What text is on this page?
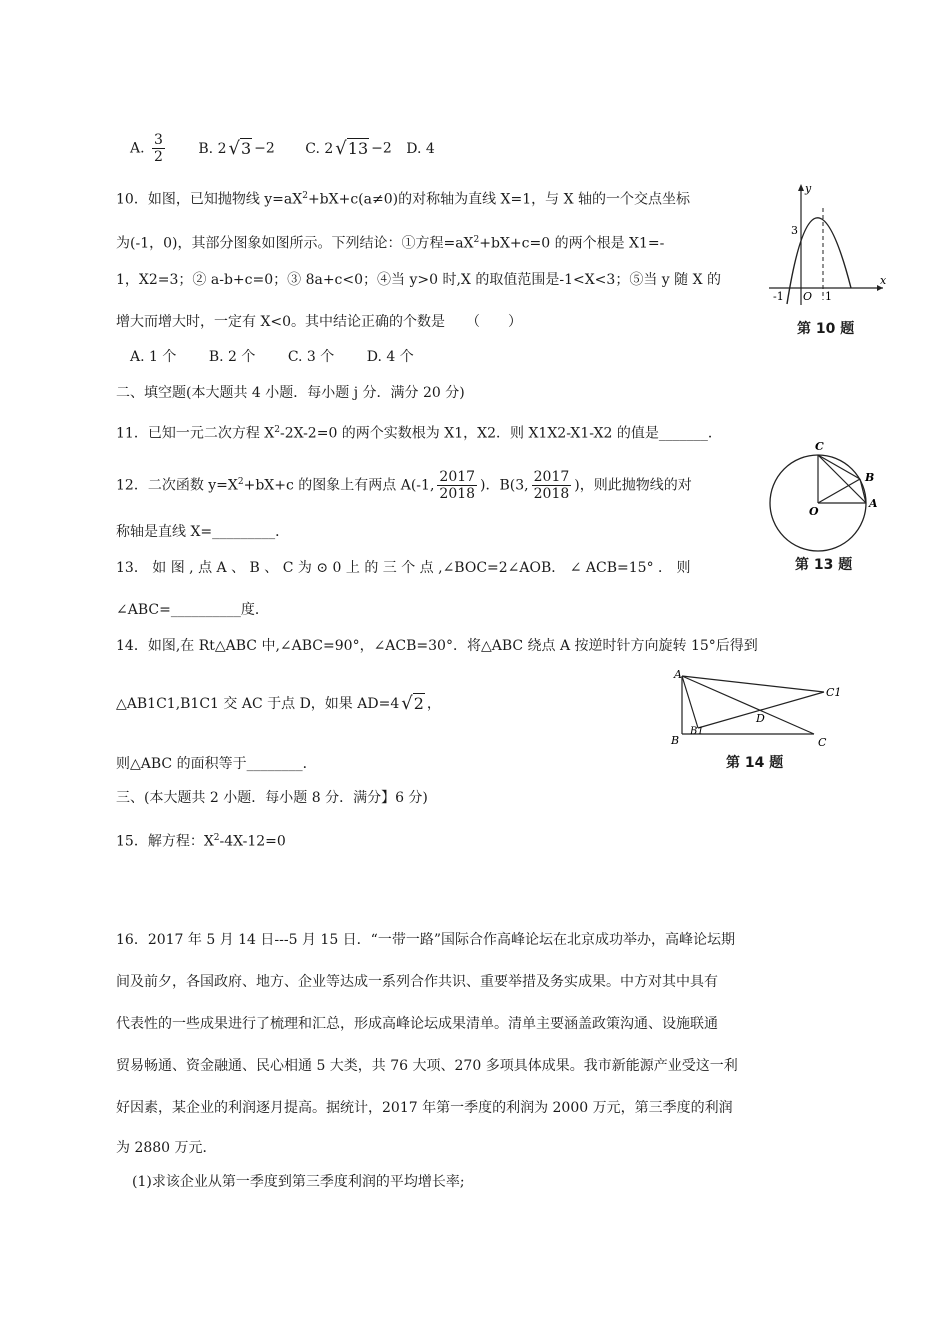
A. $\frac{3}{2} B$. 2 √3 −2 C. 2 √13 −2 D. 4
10．如图，已知抛物线 $y=aX^2+bX+c(a\ne 0)$的对称轴为直线 X=1，与 X 轴的一个交点坐标
为(-1，0)，其部分图象如图所示。下列结论：①方程$=aX^2+bX+c=0$ 的两个根是 X1=-
1，X2=3；② a-b+c=0；③ 8a+c<0；④当 y>0 时,X 的取值范围是-1<X<3；⑤当 y 随 X 的
增大而增大时，一定有 X<0。其中结论正确的个数是　　（　　）
A. 1 个　　 B. 2 个　　 C. 3 个　　 D. 4 个
y
x
3
-1 O 1
第 10 题
二、填空题(本大题共 4 小题．每小题 j 分．满分 20 分)
11．已知一元二次方程 $X^2-2X-2=0$ 的两个实数根为 X1，X2．则 X1X2-X1-X2 的值是_______．
12．二次函数 $y=X^2+bX+c$ 的图象上有两点 A(-1, $\frac{2017}{2018}$ )．B(3, $\frac{2017}{2018}$ )，则此抛物线的对
称轴是直线 X=_________．
C
B
O
A
第 13 题
13． 如 图 , 点 A 、 B 、 C 为 ⊙ 0 上 的 三 个 点 ,∠BOC=2∠AOB． ∠ ACB=15° ． 则
∠ABC=__________度．
14．如图,在 Rt△ABC 中,∠ABC=90°，∠ACB=30°．将△ABC 绕点 A 按逆时针方向旋转 15°后得到
△AB1C1,B1C1 交 AC 于点 D，如果 AD=4 √2 ，
则△ABC 的面积等于________．
A
C1
D
B1
B	C
第 14 题
三、(本大题共 2 小题．每小题 8 分．满分】6 分)
15．解方程：$X^2-4X-12=0$
16．2017 年 5 月 14 日---5 月 15 日．“一带一路”国际合作高峰论坛在北京成功举办，高峰论坛期
间及前夕，各国政府、地方、企业等达成一系列合作共识、重要举措及务实成果。中方对其中具有
代表性的一些成果进行了梳理和汇总，形成高峰论坛成果清单。清单主要涵盖政策沟通、设施联通
贸易畅通、资金融通、民心相通 5 大类，共 76 大项、270 多项具体成果。我市新能源产业受这一利
好因素，某企业的利润逐月提高。据统计，2017 年第一季度的利润为 2000 万元，第三季度的利润
为 2880 万元．
(1)求该企业从第一季度到第三季度利润的平均增长率;
